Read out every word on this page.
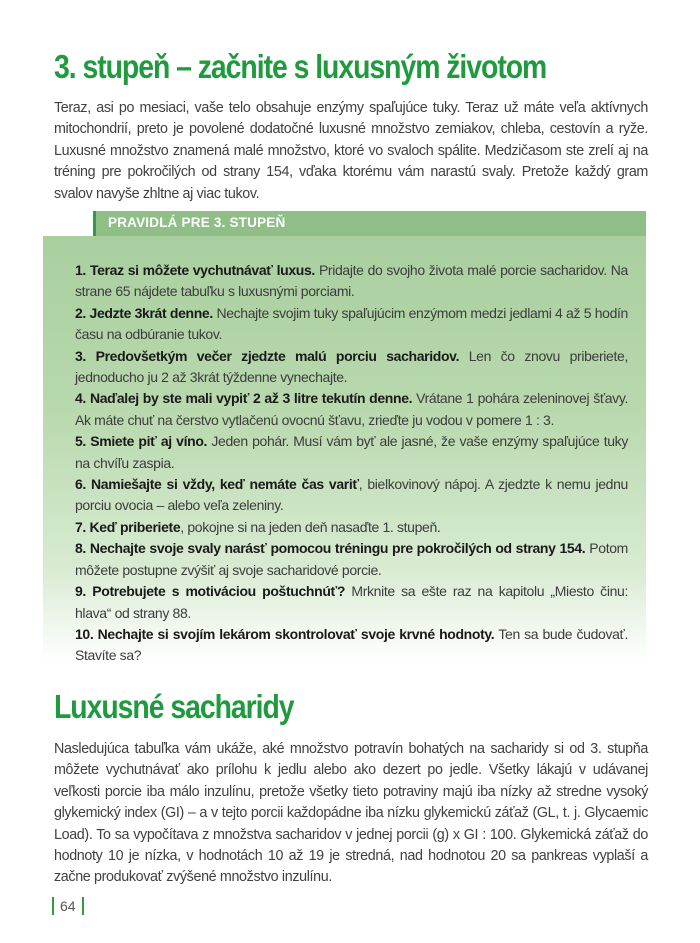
3. stupeň – začnite s luxusným životom

Teraz, asi po mesiaci, vaše telo obsahuje enzýmy spaľujúce tuky. Teraz už máte veľa aktívnych mitochondrií, preto je povolené dodatočné luxusné množstvo zemiakov, chleba, cestovín a ryže. Luxusné množstvo znamená malé množstvo, ktoré vo svaloch spálite. Medzičasom ste zrelí aj na tréning pre pokročilých od strany 154, vďaka ktorému vám narastú svaly. Pretože každý gram svalov navyše zhltne aj viac tukov.

PRAVIDLÁ PRE 3. STUPEŇ
1. Teraz si môžete vychutnávať luxus. Pridajte do svojho života malé porcie sacharidov. Na strane 65 nájdete tabuľku s luxusnými porciami.
2. Jedzte 3krát denne. Nechajte svojim tuky spaľujúcim enzýmom medzi jedlami 4 až 5 hodín času na odbúranie tukov.
3. Predovšetkým večer zjedzte malú porciu sacharidov. Len čo znovu priberiete, jednoducho ju 2 až 3krát týždenne vynechajte.
4. Naďalej by ste mali vypiť 2 až 3 litre tekutín denne. Vrátane 1 pohára zeleninovej šťavy. Ak máte chuť na čerstvo vytlačenú ovocnú šťavu, zrieďte ju vodou v pomere 1 : 3.
5. Smiete piť aj víno. Jeden pohár. Musí vám byť ale jasné, že vaše enzýmy spaľujúce tuky na chvíľu zaspia.
6. Namiešajte si vždy, keď nemáte čas variť, bielkovinový nápoj. A zjedzte k nemu jednu porciu ovocia – alebo veľa zeleniny.
7. Keď priberiete, pokojne si na jeden deň nasaďte 1. stupeň.
8. Nechajte svoje svaly narásť pomocou tréningu pre pokročilých od strany 154. Potom môžete postupne zvýšiť aj svoje sacharidové porcie.
9. Potrebujete s motiváciou poštuchnúť? Mrknite sa ešte raz na kapitolu „Miesto činu: hlava“ od strany 88.
10. Nechajte si svojím lekárom skontrolovať svoje krvné hodnoty. Ten sa bude čudovať. Stavíte sa?
Luxusné sacharidy

Nasledujúca tabuľka vám ukáže, aké množstvo potravín bohatých na sacharidy si od 3. stupňa môžete vychutnávať ako prílohu k jedlu alebo ako dezert po jedle. Všetky lákajú v udávanej veľkosti porcie iba málo inzulínu, pretože všetky tieto potraviny majú iba nízky až stredne vysoký glykemický index (GI) – a v tejto porcii každopádne iba nízku glykemickú záťaž (GL, t. j. Glycaemic Load). To sa vypočítava z množstva sacharidov v jednej porcii (g) x GI : 100. Glykemická záťaž do hodnoty 10 je nízka, v hodnotách 10 až 19 je stredná, nad hodnotou 20 sa pankreas vyplaší a začne produkovať zvýšené množstvo inzulínu.

64
